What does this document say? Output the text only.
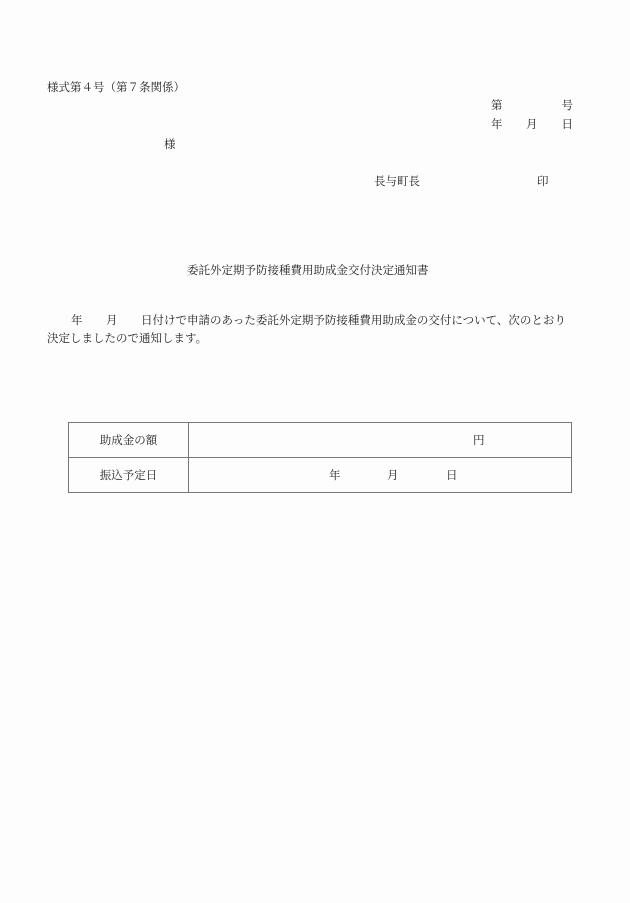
様式第４号（第７条関係）
第	号
年 月 日
様
長与町長	印
委託外定期予防接種費用助成金交付決定通知書
年 月 日付けで申請のあった委託外定期予防接種費用助成金の交付について、次のとおり
決定しましたので通知します。
助成金の額	円

振込予定日	年 月 日
